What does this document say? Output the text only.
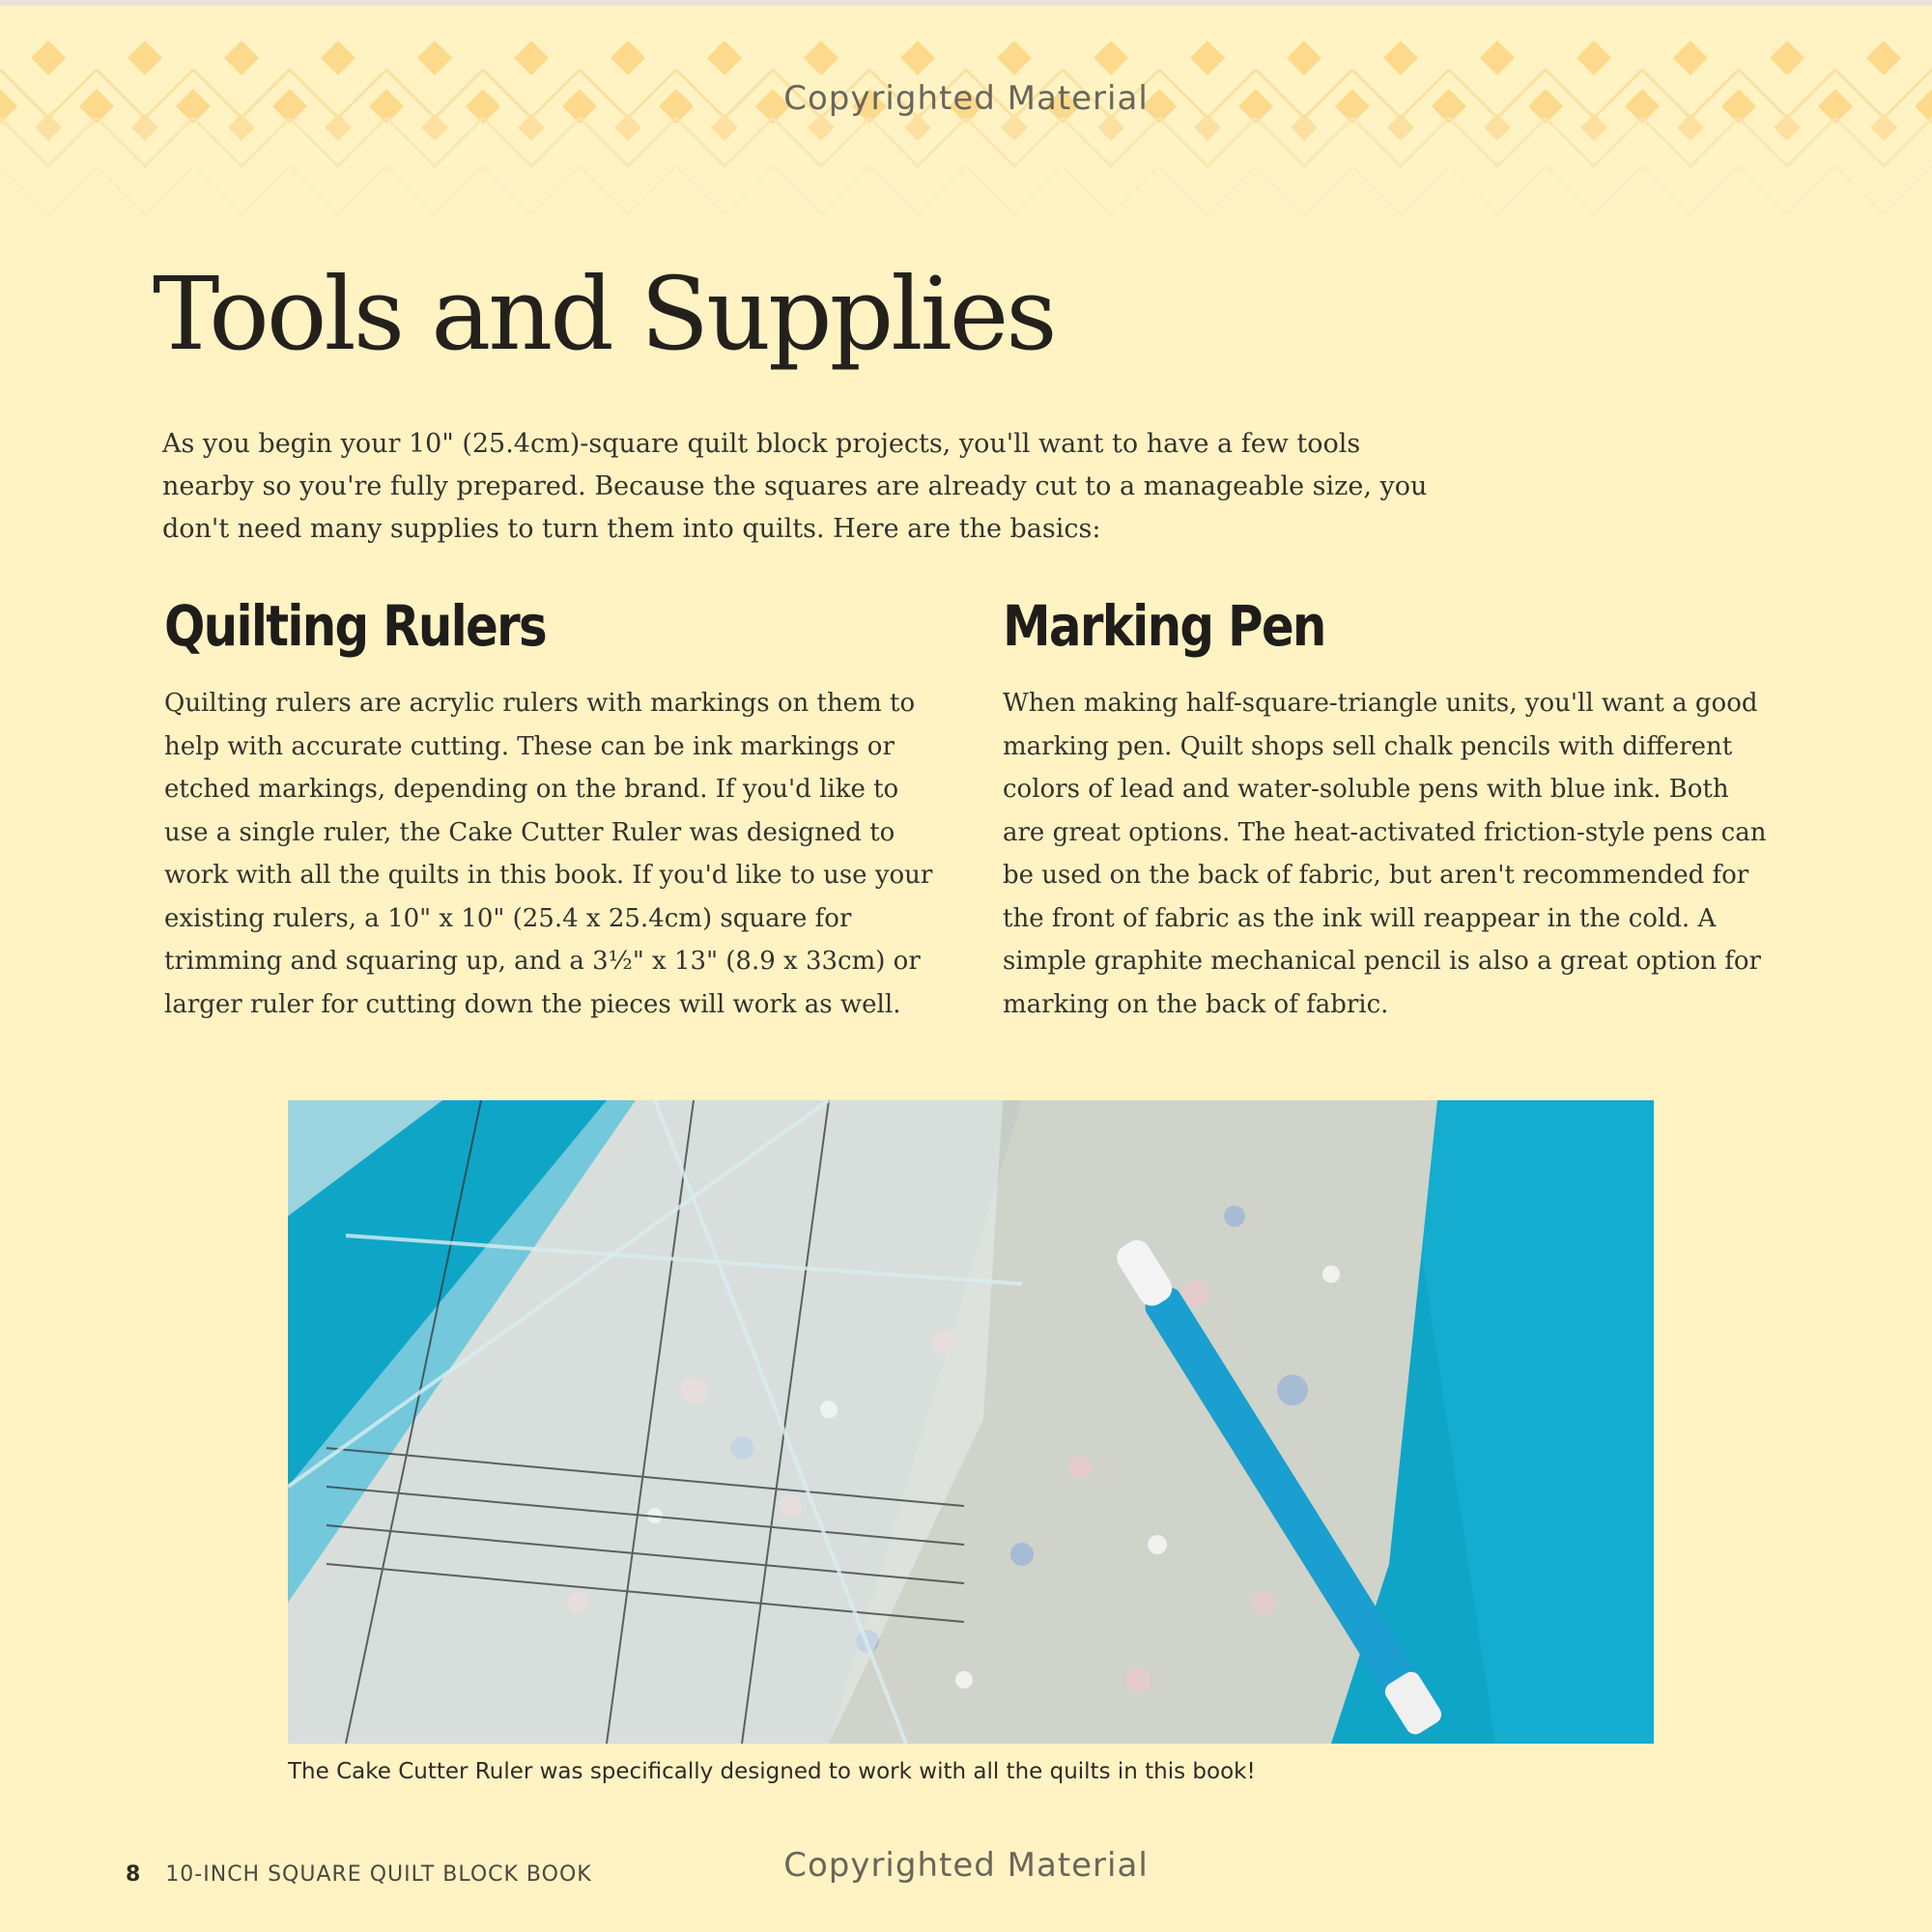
Copyrighted Material
Tools and Supplies

As you begin your 10" (25.4cm)-square quilt block projects, you'll want to have a few tools nearby so you're fully prepared. Because the squares are already cut to a manageable size, you don't need many supplies to turn them into quilts. Here are the basics:

Quilting Rulers

Quilting rulers are acrylic rulers with markings on them to help with accurate cutting. These can be ink markings or etched markings, depending on the brand. If you'd like to use a single ruler, the Cake Cutter Ruler was designed to work with all the quilts in this book. If you'd like to use your existing rulers, a 10" x 10" (25.4 x 25.4cm) square for trimming and squaring up, and a 3½" x 13" (8.9 x 33cm) or larger ruler for cutting down the pieces will work as well.

Marking Pen

When making half-square-triangle units, you'll want a good marking pen. Quilt shops sell chalk pencils with different colors of lead and water-soluble pens with blue ink. Both are great options. The heat-activated friction-style pens can be used on the back of fabric, but aren't recommended for the front of fabric as the ink will reappear in the cold. A simple graphite mechanical pencil is also a great option for marking on the back of fabric.

The Cake Cutter Ruler was specifically designed to work with all the quilts in this book!
8 10-INCH SQUARE QUILT BLOCK BOOK	Copyrighted Material
